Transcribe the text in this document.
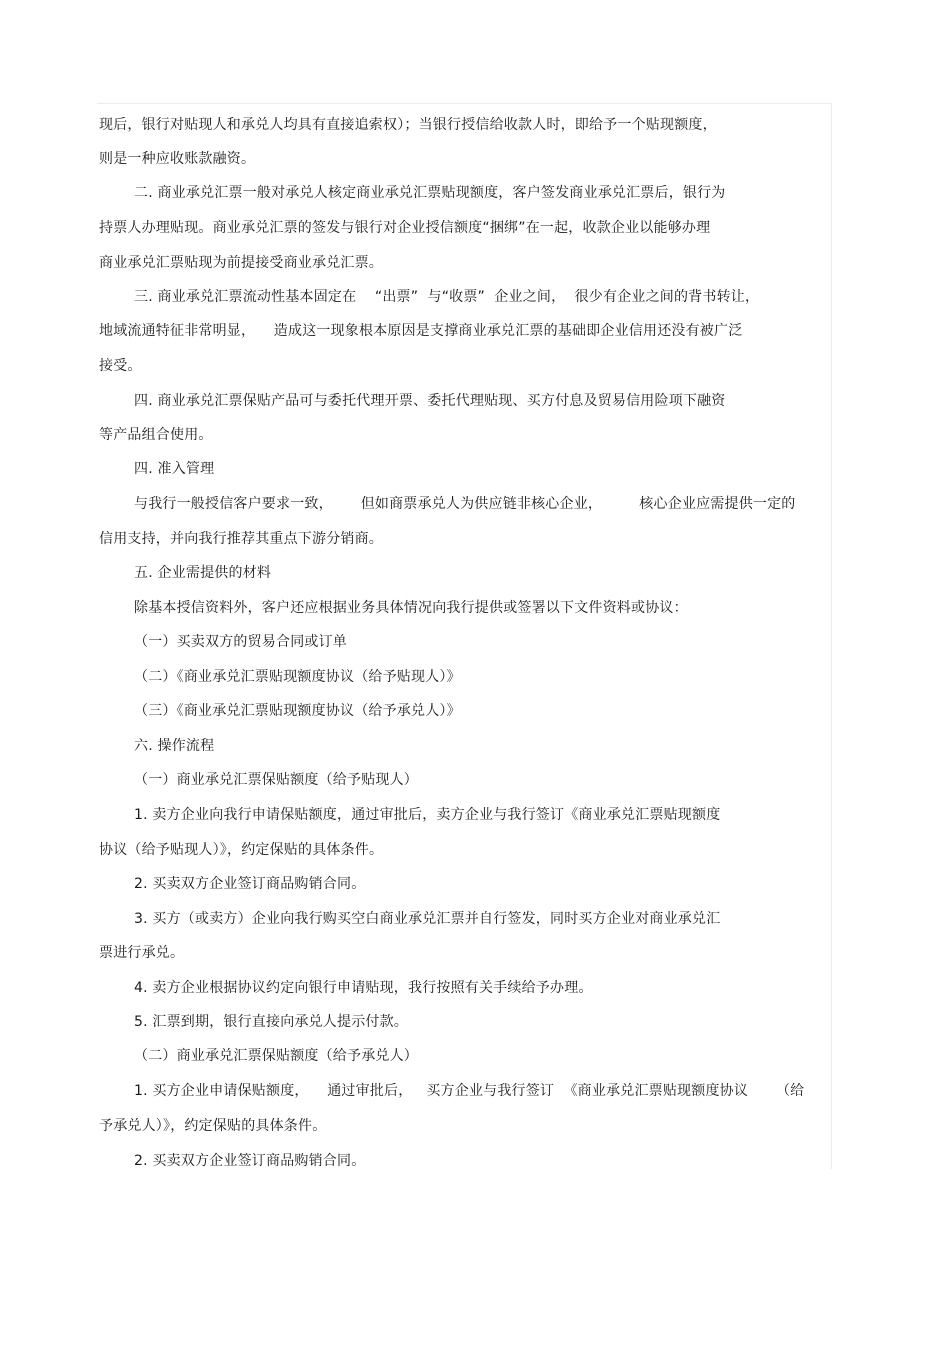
现后，银行对贴现人和承兑人均具有直接追索权）；当银行授信给收款人时，即给予一个贴现额度，
则是一种应收账款融资。
二. 商业承兑汇票一般对承兑人核定商业承兑汇票贴现额度，客户签发商业承兑汇票后，银行为
持票人办理贴现。商业承兑汇票的签发与银行对企业授信额度“捆绑”在一起，收款企业以能够办理
商业承兑汇票贴现为前提接受商业承兑汇票。
三. 商业承兑汇票流动性基本固定在    “出票”  与“收票”  企业之间，  很少有企业之间的背书转让，
地域流通特征非常明显，    造成这一现象根本原因是支撑商业承兑汇票的基础即企业信用还没有被广泛
接受。
四. 商业承兑汇票保贴产品可与委托代理开票、委托代理贴现、买方付息及贸易信用险项下融资
等产品组合使用。
四. 准入管理
与我行一般授信客户要求一致，      但如商票承兑人为供应链非核心企业，        核心企业应需提供一定的
信用支持，并向我行推荐其重点下游分销商。
五. 企业需提供的材料
除基本授信资料外，客户还应根据业务具体情况向我行提供或签署以下文件资料或协议：
（一）买卖双方的贸易合同或订单
（二）《商业承兑汇票贴现额度协议（给予贴现人）》
（三）《商业承兑汇票贴现额度协议（给予承兑人）》
六. 操作流程
（一）商业承兑汇票保贴额度（给予贴现人）
1. 卖方企业向我行申请保贴额度，通过审批后，卖方企业与我行签订《商业承兑汇票贴现额度
协议（给予贴现人）》，约定保贴的具体条件。
2. 买卖双方企业签订商品购销合同。
3. 买方（或卖方）企业向我行购买空白商业承兑汇票并自行签发，同时买方企业对商业承兑汇
票进行承兑。
4. 卖方企业根据协议约定向银行申请贴现，我行按照有关手续给予办理。
5. 汇票到期，银行直接向承兑人提示付款。
（二）商业承兑汇票保贴额度（给予承兑人）
1. 买方企业申请保贴额度，    通过审批后，   买方企业与我行签订  《商业承兑汇票贴现额度协议      （给
予承兑人）》，约定保贴的具体条件。
2. 买卖双方企业签订商品购销合同。
